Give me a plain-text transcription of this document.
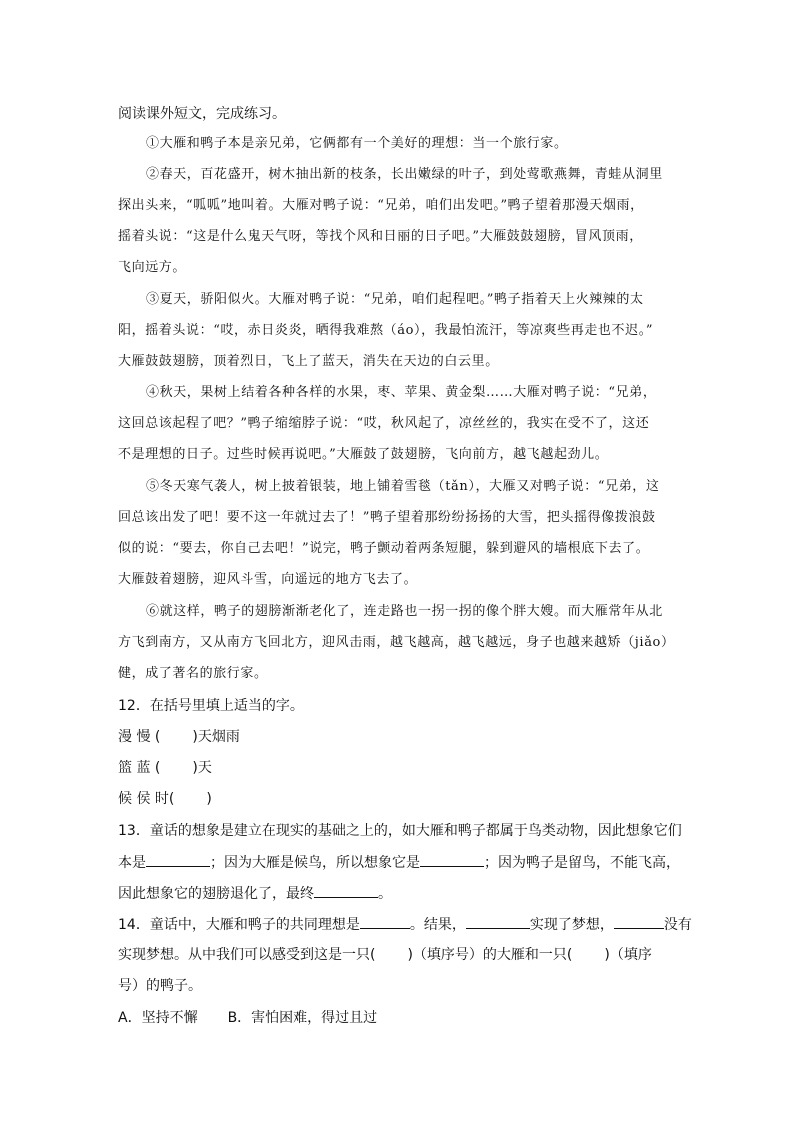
阅读课外短文，完成练习。
①大雁和鸭子本是亲兄弟，它俩都有一个美好的理想：当一个旅行家。
②春天，百花盛开，树木抽出新的枝条，长出嫩绿的叶子，到处莺歌燕舞，青蛙从洞里
探出头来，“呱呱”地叫着。大雁对鸭子说：“兄弟，咱们出发吧。”鸭子望着那漫天烟雨，
摇着头说：“这是什么鬼天气呀，等找个风和日丽的日子吧。”大雁鼓鼓翅膀，冒风顶雨，
飞向远方。
③夏天，骄阳似火。大雁对鸭子说：“兄弟，咱们起程吧。”鸭子指着天上火辣辣的太
阳，摇着头说：“哎，赤日炎炎，晒得我难熬（áo），我最怕流汗，等凉爽些再走也不迟。”
大雁鼓鼓翅膀，顶着烈日，飞上了蓝天，消失在天边的白云里。
④秋天，果树上结着各种各样的水果，枣、苹果、黄金梨……大雁对鸭子说：“兄弟，
这回总该起程了吧？”鸭子缩缩脖子说：“哎，秋风起了，凉丝丝的，我实在受不了，这还
不是理想的日子。过些时候再说吧。”大雁鼓了鼓翅膀，飞向前方，越飞越起劲儿。
⑤冬天寒气袭人，树上披着银装，地上铺着雪毯（tǎn），大雁又对鸭子说：“兄弟，这
回总该出发了吧！要不这一年就过去了！”鸭子望着那纷纷扬扬的大雪，把头摇得像拨浪鼓
似的说：“要去，你自己去吧！”说完，鸭子颤动着两条短腿，躲到避风的墙根底下去了。
大雁鼓着翅膀，迎风斗雪，向遥远的地方飞去了。
⑥就这样，鸭子的翅膀渐渐老化了，连走路也一拐一拐的像个胖大嫂。而大雁常年从北
方飞到南方，又从南方飞回北方，迎风击雨，越飞越高，越飞越远，身子也越来越矫（jiǎo）
健，成了著名的旅行家。
12．在括号里填上适当的字。
漫 慢 ( )天烟雨
篮 蓝 ( )天
候 侯 时( )
13．童话的想象是建立在现实的基础之上的，如大雁和鸭子都属于鸟类动物，因此想象它们
本是	；因为大雁是候鸟，所以想象它是	；因为鸭子是留鸟，不能飞高，
因此想象它的翅膀退化了，最终	。
14．童话中，大雁和鸭子的共同理想是	。结果，	实现了梦想，	没有
实现梦想。从中我们可以感受到这是一只( )（填序号）的大雁和一只( )（填序
号）的鸭子。
A．坚持不懈 B．害怕困难，得过且过
